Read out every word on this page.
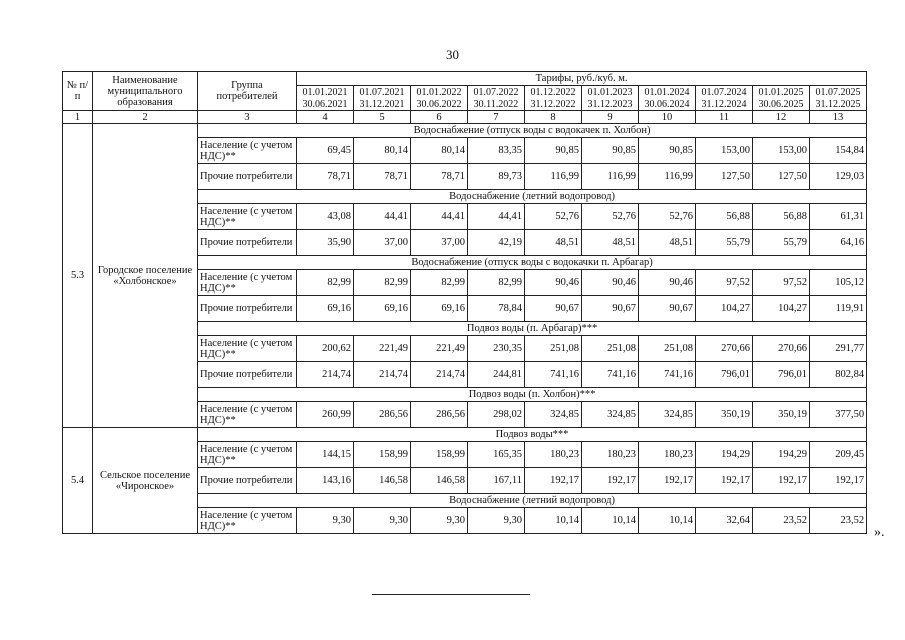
30
№ п/п	Наименование муниципального образования	Группа потребителей	Тарифы, руб./куб. м.									
			01.01.2021	01.07.2021	01.01.2022	01.07.2022	01.12.2022	01.01.2023	01.01.2024	01.07.2024	01.01.2025	01.07.2025
			30.06.2021	31.12.2021	30.06.2022	30.11.2022	31.12.2022	31.12.2023	30.06.2024	31.12.2024	30.06.2025	31.12.2025
1	2	3	4	5	6	7	8	9	10	11	12	13
5.3	Городское поселение «Холбонское»	Водоснабжение (отпуск воды с водокачек п. Холбон)										
		Население (с учетом НДС)**	69,45	80,14	80,14	83,35	90,85	90,85	90,85	153,00	153,00	154,84
		Прочие потребители	78,71	78,71	78,71	89,73	116,99	116,99	116,99	127,50	127,50	129,03
		Водоснабжение (летний водопровод)										
		Население (с учетом НДС)**	43,08	44,41	44,41	44,41	52,76	52,76	52,76	56,88	56,88	61,31
		Прочие потребители	35,90	37,00	37,00	42,19	48,51	48,51	48,51	55,79	55,79	64,16
		Водоснабжение (отпуск воды с водокачки п. Арбагар)										
		Население (с учетом НДС)**	82,99	82,99	82,99	82,99	90,46	90,46	90,46	97,52	97,52	105,12
		Прочие потребители	69,16	69,16	69,16	78,84	90,67	90,67	90,67	104,27	104,27	119,91
		Подвоз воды (п. Арбагар)***										
		Население (с учетом НДС)**	200,62	221,49	221,49	230,35	251,08	251,08	251,08	270,66	270,66	291,77
		Прочие потребители	214,74	214,74	214,74	244,81	741,16	741,16	741,16	796,01	796,01	802,84
		Подвоз воды (п. Холбон)***										
		Население (с учетом НДС)**	260,99	286,56	286,56	298,02	324,85	324,85	324,85	350,19	350,19	377,50
5.4	Сельское поселение «Чиронское»	Подвоз воды***										
		Население (с учетом НДС)**	144,15	158,99	158,99	165,35	180,23	180,23	180,23	194,29	194,29	209,45
		Прочие потребители	143,16	146,58	146,58	167,11	192,17	192,17	192,17	192,17	192,17	192,17
		Водоснабжение (летний водопровод)										
		Население (с учетом НДС)**	9,30	9,30	9,30	9,30	10,14	10,14	10,14	32,64	23,52	23,52
».
